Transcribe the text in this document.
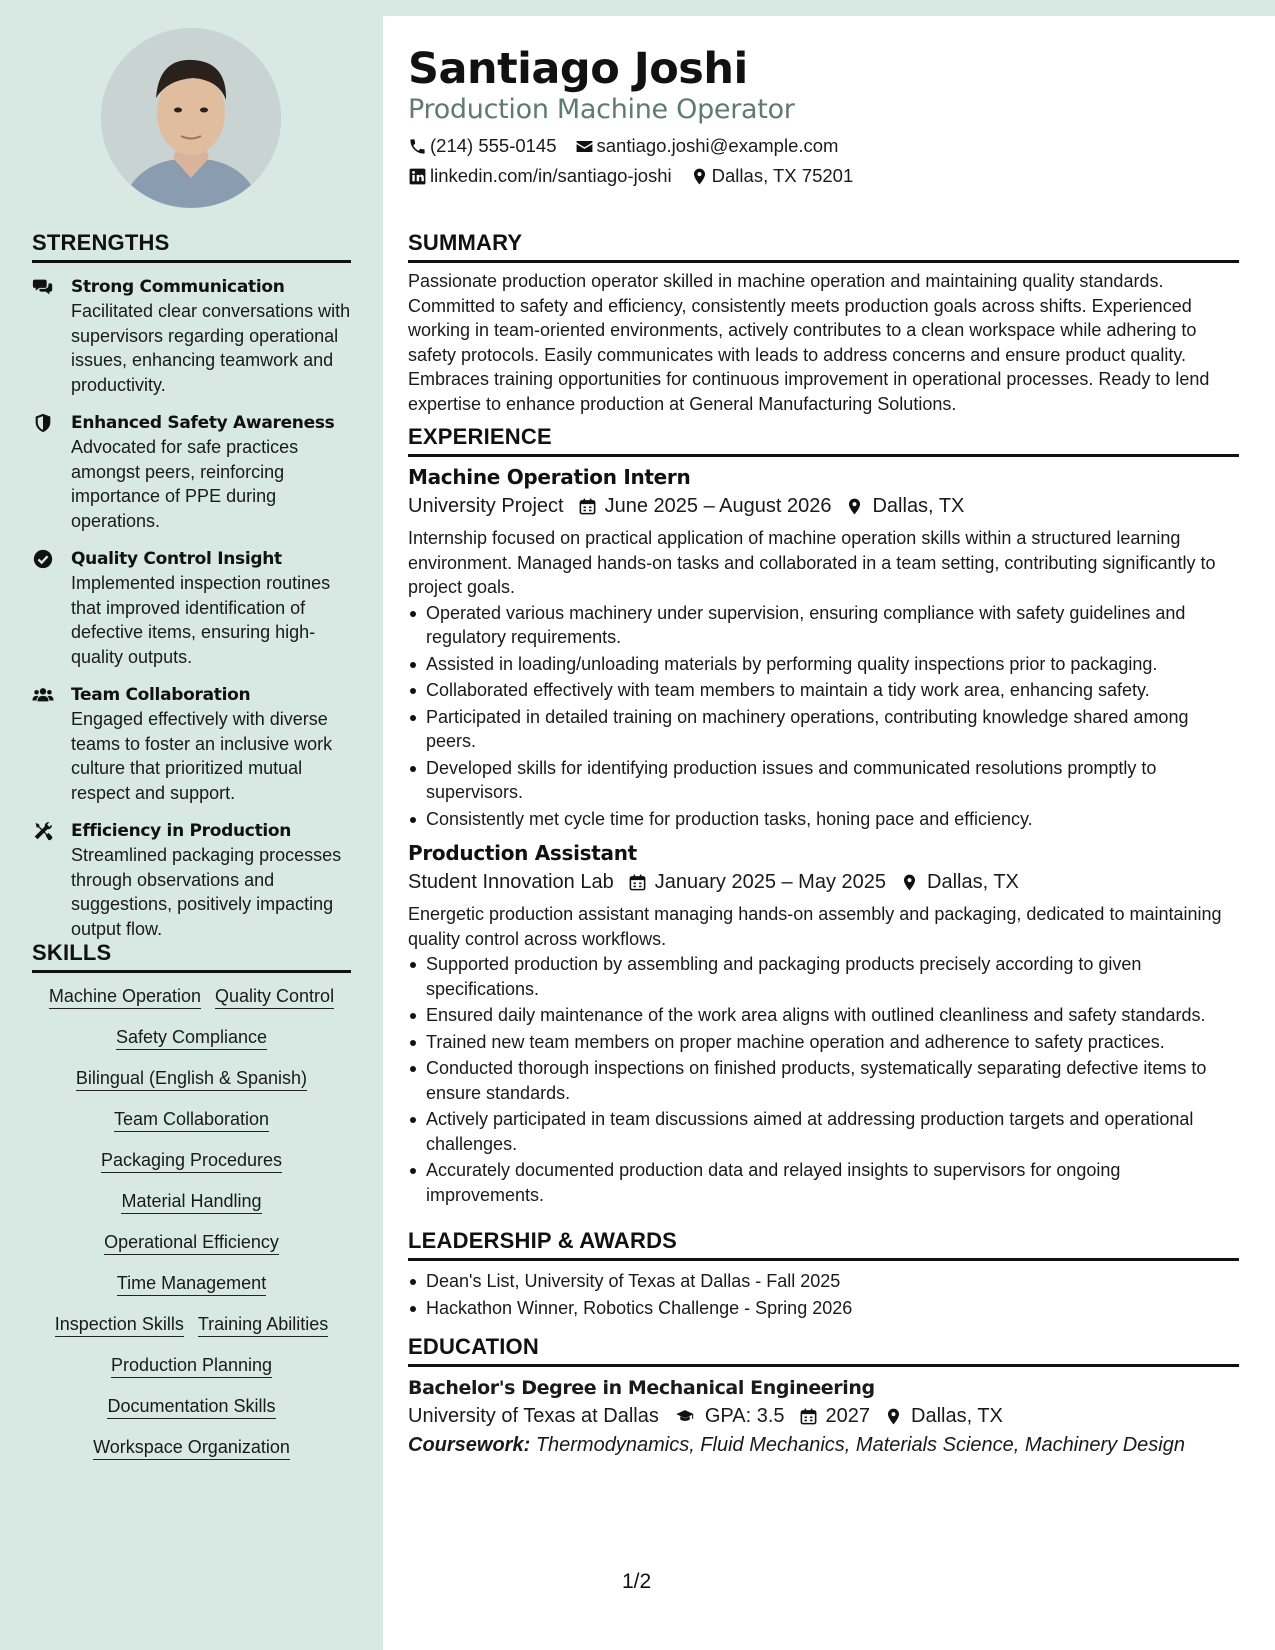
STRENGTHS
Strong Communication
Facilitated clear conversations with supervisors regarding operational issues, enhancing teamwork and productivity.
Enhanced Safety Awareness
Advocated for safe practices amongst peers, reinforcing importance of PPE during operations.
Quality Control Insight
Implemented inspection routines that improved identification of defective items, ensuring high-quality outputs.
Team Collaboration
Engaged effectively with diverse teams to foster an inclusive work culture that prioritized mutual respect and support.
Efficiency in Production
Streamlined packaging processes through observations and suggestions, positively impacting output flow.
SKILLS
Machine Operation Quality Control
Safety Compliance
Bilingual (English & Spanish)
Team Collaboration
Packaging Procedures
Material Handling
Operational Efficiency
Time Management
Inspection Skills Training Abilities
Production Planning
Documentation Skills
Workspace Organization
Santiago Joshi
Production Machine Operator
(214) 555-0145 santiago.joshi@example.com
linkedin.com/in/santiago-joshi Dallas, TX 75201
SUMMARY
Passionate production operator skilled in machine operation and maintaining quality standards. Committed to safety and efficiency, consistently meets production goals across shifts. Experienced working in team-oriented environments, actively contributes to a clean workspace while adhering to safety protocols. Easily communicates with leads to address concerns and ensure product quality. Embraces training opportunities for continuous improvement in operational processes. Ready to lend expertise to enhance production at General Manufacturing Solutions.
EXPERIENCE
Machine Operation Intern
University Project June 2025 – August 2026 Dallas, TX
Internship focused on practical application of machine operation skills within a structured learning environment. Managed hands-on tasks and collaborated in a team setting, contributing significantly to project goals.
Operated various machinery under supervision, ensuring compliance with safety guidelines and regulatory requirements.
Assisted in loading/unloading materials by performing quality inspections prior to packaging.
Collaborated effectively with team members to maintain a tidy work area, enhancing safety.
Participated in detailed training on machinery operations, contributing knowledge shared among peers.
Developed skills for identifying production issues and communicated resolutions promptly to supervisors.
Consistently met cycle time for production tasks, honing pace and efficiency.
Production Assistant
Student Innovation Lab January 2025 – May 2025 Dallas, TX
Energetic production assistant managing hands-on assembly and packaging, dedicated to maintaining quality control across workflows.
Supported production by assembling and packaging products precisely according to given specifications.
Ensured daily maintenance of the work area aligns with outlined cleanliness and safety standards.
Trained new team members on proper machine operation and adherence to safety practices.
Conducted thorough inspections on finished products, systematically separating defective items to ensure standards.
Actively participated in team discussions aimed at addressing production targets and operational challenges.
Accurately documented production data and relayed insights to supervisors for ongoing improvements.
LEADERSHIP & AWARDS
Dean's List, University of Texas at Dallas - Fall 2025
Hackathon Winner, Robotics Challenge - Spring 2026
EDUCATION
Bachelor's Degree in Mechanical Engineering
University of Texas at Dallas GPA: 3.5 2027 Dallas, TX
Coursework: Thermodynamics, Fluid Mechanics, Materials Science, Machinery Design
1/2
